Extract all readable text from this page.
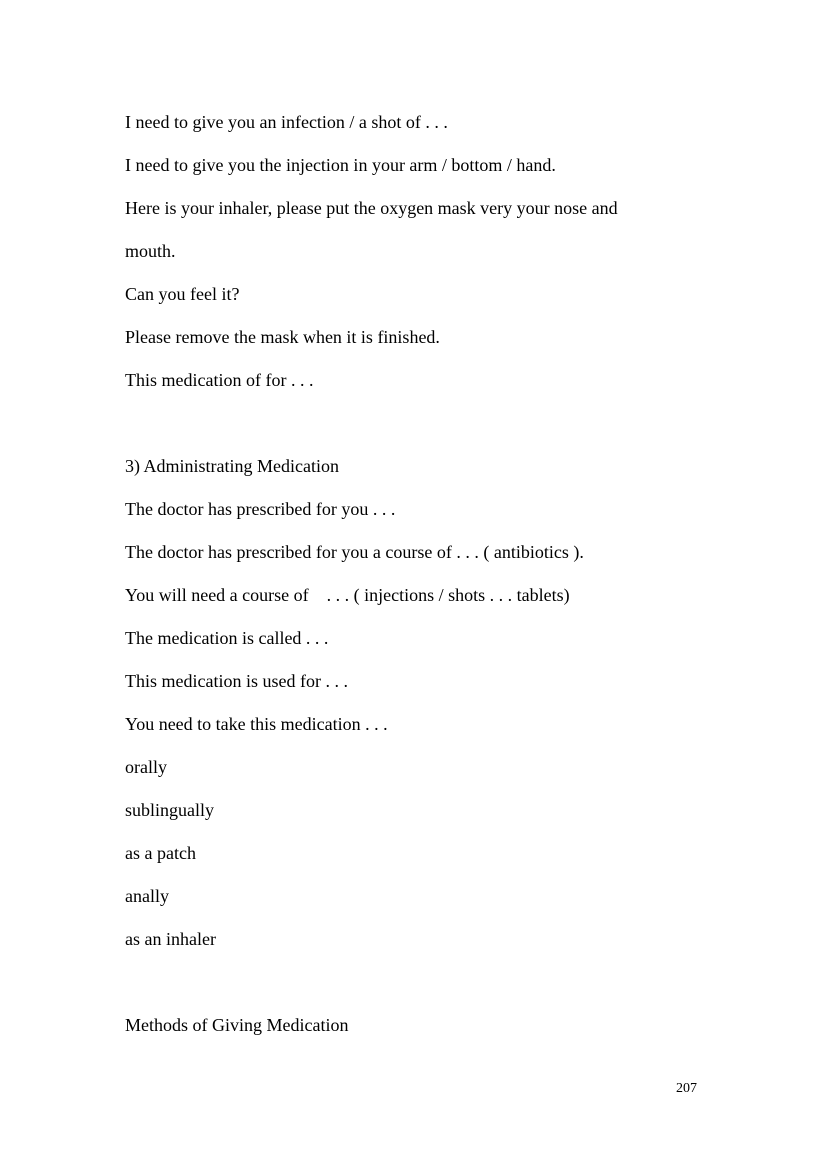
I need to give you an infection / a shot of . . .
I need to give you the injection in your arm / bottom / hand.
Here is your inhaler, please put the oxygen mask very your nose and
mouth.
Can you feel it?
Please remove the mask when it is finished.
This medication of for . . .
3) Administrating Medication
The doctor has prescribed for you . . .
The doctor has prescribed for you a course of . . . ( antibiotics ).
You will need a course of    . . . ( injections / shots . . . tablets)
The medication is called . . .
This medication is used for . . .
You need to take this medication . . .
orally
sublingually
as a patch
anally
as an inhaler
Methods of Giving Medication
207
